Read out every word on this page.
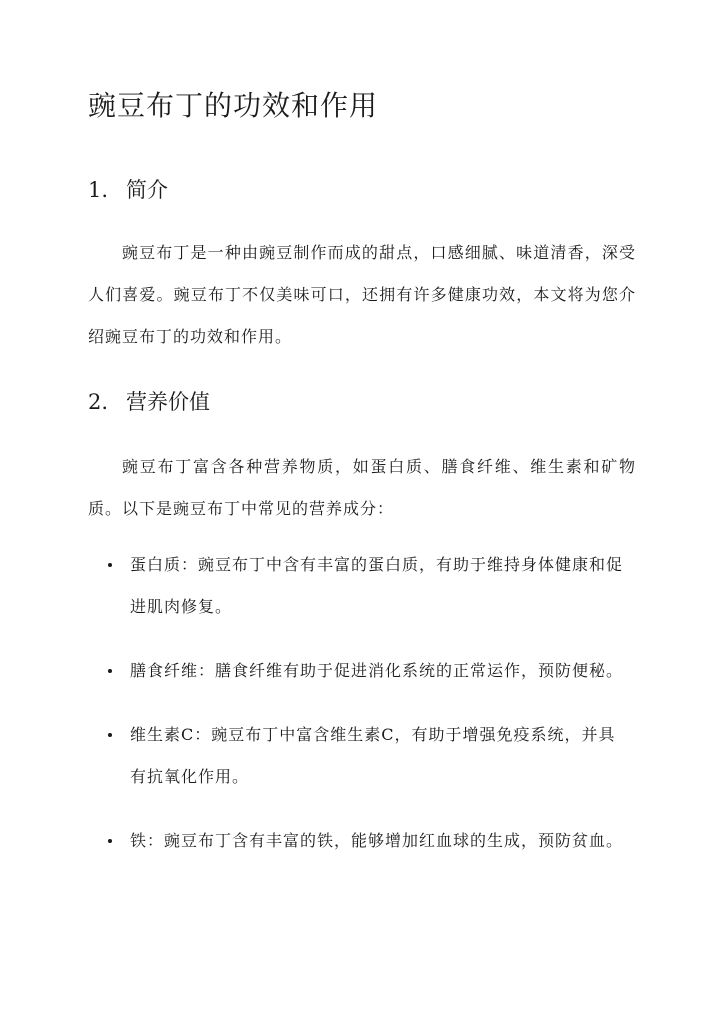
豌豆布丁的功效和作用
1. 简介

豌豆布丁是一种由豌豆制作而成的甜点，口感细腻、味道清香，深受人们喜爱。豌豆布丁不仅美味可口，还拥有许多健康功效，本文将为您介绍豌豆布丁的功效和作用。

2. 营养价值

豌豆布丁富含各种营养物质，如蛋白质、膳食纤维、维生素和矿物质。以下是豌豆布丁中常见的营养成分：

蛋白质：豌豆布丁中含有丰富的蛋白质，有助于维持身体健康和促进肌肉修复。
膳食纤维：膳食纤维有助于促进消化系统的正常运作，预防便秘。
维生素C：豌豆布丁中富含维生素C，有助于增强免疫系统，并具有抗氧化作用。
铁：豌豆布丁含有丰富的铁，能够增加红血球的生成，预防贫血。
